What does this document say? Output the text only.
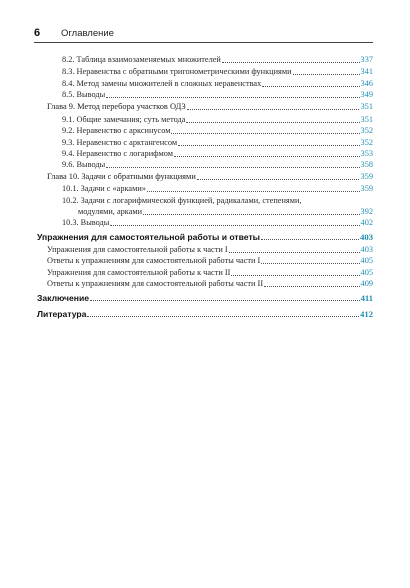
6 Оглавление
8.2. Таблица взаимозаменяемых множителей	337
8.3. Неравенства с обратными тригонометрическими функциями	341
8.4. Метод замены множителей в сложных неравенствах	346
8.5. Выводы	349
Глава 9. Метод перебора участков ОДЗ	351
9.1. Общие замечания; суть метода	351
9.2. Неравенство с арксинусом	352
9.3. Неравенство с арктангенсом	352
9.4. Неравенство с логарифмом	353
9.6. Выводы	358
Глава 10. Задачи с обратными функциями	359
10.1. Задачи с «арками»	359
10.2. Задачи с логарифмической функцией, радикалами, степенями,
модулями, арками	392
10.3. Выводы	402
Упражнения для самостоятельной работы и ответы	403
Упражнения для самостоятельной работы к части I	403
Ответы к упражнениям для самостоятельной работы части I	405
Упражнения для самостоятельной работы к части II	405
Ответы к упражнениям для самостоятельной работы части II	409
Заключение	411
Литература	412
